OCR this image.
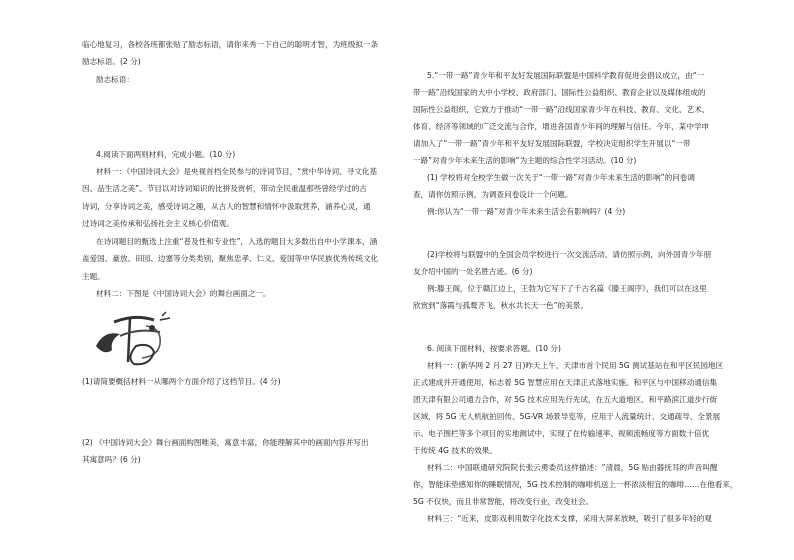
临心地复习，各校各班都张贴了励志标语，请你来秀一下自己的聪明才智，为班级拟一条
励志标语。(2 分)
励志标语：
4.阅读下面两则材料，完成小题。(10 分)
材料一：《中国诗词大会》是央视首档全民参与的诗词节目，“赏中华诗词、寻文化基
因、品生活之美”。节目以对诗词知识的比拼及赏析，带动全民重温那些曾经学过的古
诗词，分享诗词之美，感受诗词之趣，从古人的智慧和情怀中汲取营养，涵养心灵，通
过诗词之美传承和弘扬社会主义核心价值观。
在诗词题目的甄选上注重“普及性和专业性”，入选的题目大多数出自中小学课本，涵
盖爱国、豪放、田园、边塞等分类类别，聚焦忠孝、仁义、爱国等中华民族优秀传统文化
主题。
材料二：下图是《中国诗词大会》的舞台画面之一。
(1)请简要概括材料一从哪两个方面介绍了这档节目。(4 分)
(2) 《中国诗词大会》舞台画面构图唯美，寓意丰富，你能理解其中的画面内容并写出
其寓意吗？(6 分)
5.“一带一路”青少年和平友好发展国际联盟是中国科学教育促进会倡议成立，由“一
带一路”沿线国家的大中小学校、政府部门、国际性公益组织、教育企业以及媒体组成的
国际性公益组织，它致力于推动“一带一路”沿线国家青少年在科技、教育、文化、艺术、
体育、经济等领域的广泛交流与合作，增进各国青少年间的理解与信任。今年，某中学申
请加入了“一带一路”青少年和平友好发展国际联盟，学校决定组织学生开展以“一带
一路”对青少年未来生活的影响”为主题的综合性学习活动。(10 分)
(1) 学校将对全校学生做一次关于“一带一路”对青少年未来生活的影响”的问卷调
查，请你仿照示例，为调查问卷设计一个问题。
例:你认为“一带一路”对青少年未来生活会有影响吗？(4 分)
(2)学校将与联盟中的全国会员学校进行一次交流活动，请仿照示例，向外国青少年朋
友介绍中国的一处名胜古迹。(6 分)
例:滕王阁，位于赣江边上，王勃为它写下了千古名篇《滕王阁序》，我们可以在这里
欣赏到“落霞与孤鹜齐飞，秋水共长天一色”的美景。
6. 阅读下面材料，按要求答题。(10 分)
材料一：(新华网 2 月 27 日)昨天上午，天津市首个民用 5G 测试基站在和平区民园地区
正式建成并开通使用，标志着 5G 智慧应用在天津正式落地实施。和平区与中国移动通信集
团天津有限公司通力合作，对 5G 技术应用先行先试，在五大道地区、和平路滨江道步行街
区域，将 5G 无人机航拍回传、5G-VR 场景导览等，应用于人流量统计、交通疏导、全景展
示、电子围栏等多个项目的实地测试中，实现了在传输速率、视频流畅度等方面数十倍优
于传统 4G 技术的效果。
材料二：中国联通研究院院长张云勇委员这样描述：“清晨，5G 贴由器抚耳的声音叫醒
你，智能床垫感知你的睡眠情况，5G 技术控制的咖啡机送上一杯浓淡相宜的咖啡……在他看来，
5G 不仅快，而且非常智能，将改变行业，改变社会。
材料三：“近来，皮影戏利用数字化技术支撑，采用大屏来放映，吸引了很多年轻的观
